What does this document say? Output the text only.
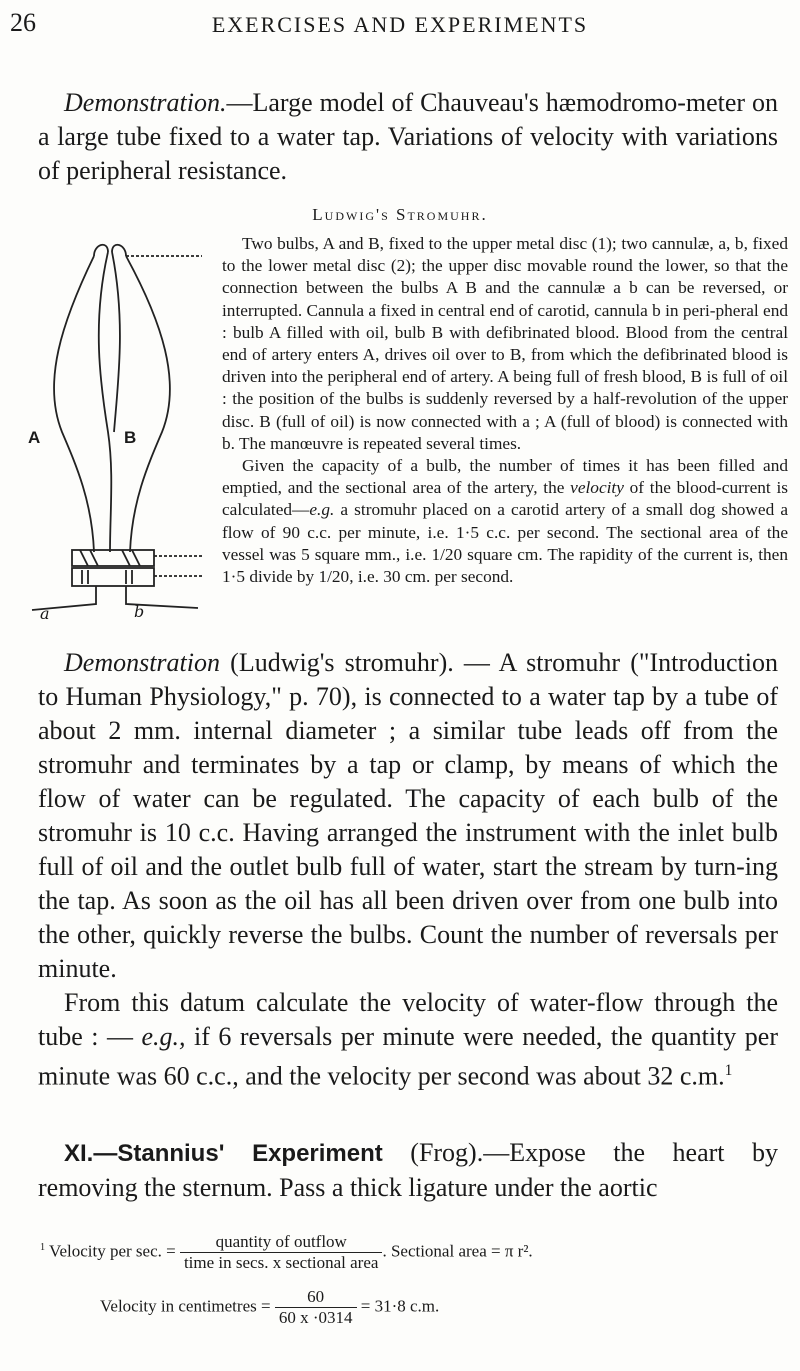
26	EXERCISES AND EXPERIMENTS

Demonstration.—Large model of Chauveau's hæmodromo-meter on a large tube fixed to a water tap. Variations of velocity with variations of peripheral resistance.

Ludwig's Stromuhr.
A	B
a	b

Two bulbs, A and B, fixed to the upper metal disc (1); two cannulæ, a, b, fixed to the lower metal disc (2); the upper disc movable round the lower, so that the connection between the bulbs A B and the cannulæ a b can be reversed, or interrupted. Cannula a fixed in central end of carotid, cannula b in peri-pheral end : bulb A filled with oil, bulb B with defibrinated blood. Blood from the central end of artery enters A, drives oil over to B, from which the defibrinated blood is driven into the peripheral end of artery. A being full of fresh blood, B is full of oil : the position of the bulbs is suddenly reversed by a half-revolution of the upper disc. B (full of oil) is now connected with a ; A (full of blood) is connected with b. The manœuvre is repeated several times.

Given the capacity of a bulb, the number of times it has been filled and emptied, and the sectional area of the artery, the velocity of the blood-current is calculated—e.g. a stromuhr placed on a carotid artery of a small dog showed a flow of 90 c.c. per minute, i.e. 1·5 c.c. per second. The sectional area of the vessel was 5 square mm., i.e. 1/20 square cm. The rapidity of the current is, then 1·5 divide by 1/20, i.e. 30 cm. per second.

Demonstration (Ludwig's stromuhr). — A stromuhr ("Introduction to Human Physiology," p. 70), is connected to a water tap by a tube of about 2 mm. internal diameter ; a similar tube leads off from the stromuhr and terminates by a tap or clamp, by means of which the flow of water can be regulated. The capacity of each bulb of the stromuhr is 10 c.c. Having arranged the instrument with the inlet bulb full of oil and the outlet bulb full of water, start the stream by turn-ing the tap. As soon as the oil has all been driven over from one bulb into the other, quickly reverse the bulbs. Count the number of reversals per minute.

From this datum calculate the velocity of water-flow through the tube : — e.g., if 6 reversals per minute were needed, the quantity per minute was 60 c.c., and the velocity per second was about 32 c.m.$^1$

XI.—Stannius' Experiment (Frog).—Expose the heart by removing the sternum. Pass a thick ligature under the aortic

$^1$ Velocity per sec. = $\frac{\text{quantity of outflow}}{\text{time in secs. x sectional area}}$ . Sectional area = π r².
Velocity in centimetres = $\frac{60}{60 x \cdot 0314} = 31\cdot 8$ c.m.
